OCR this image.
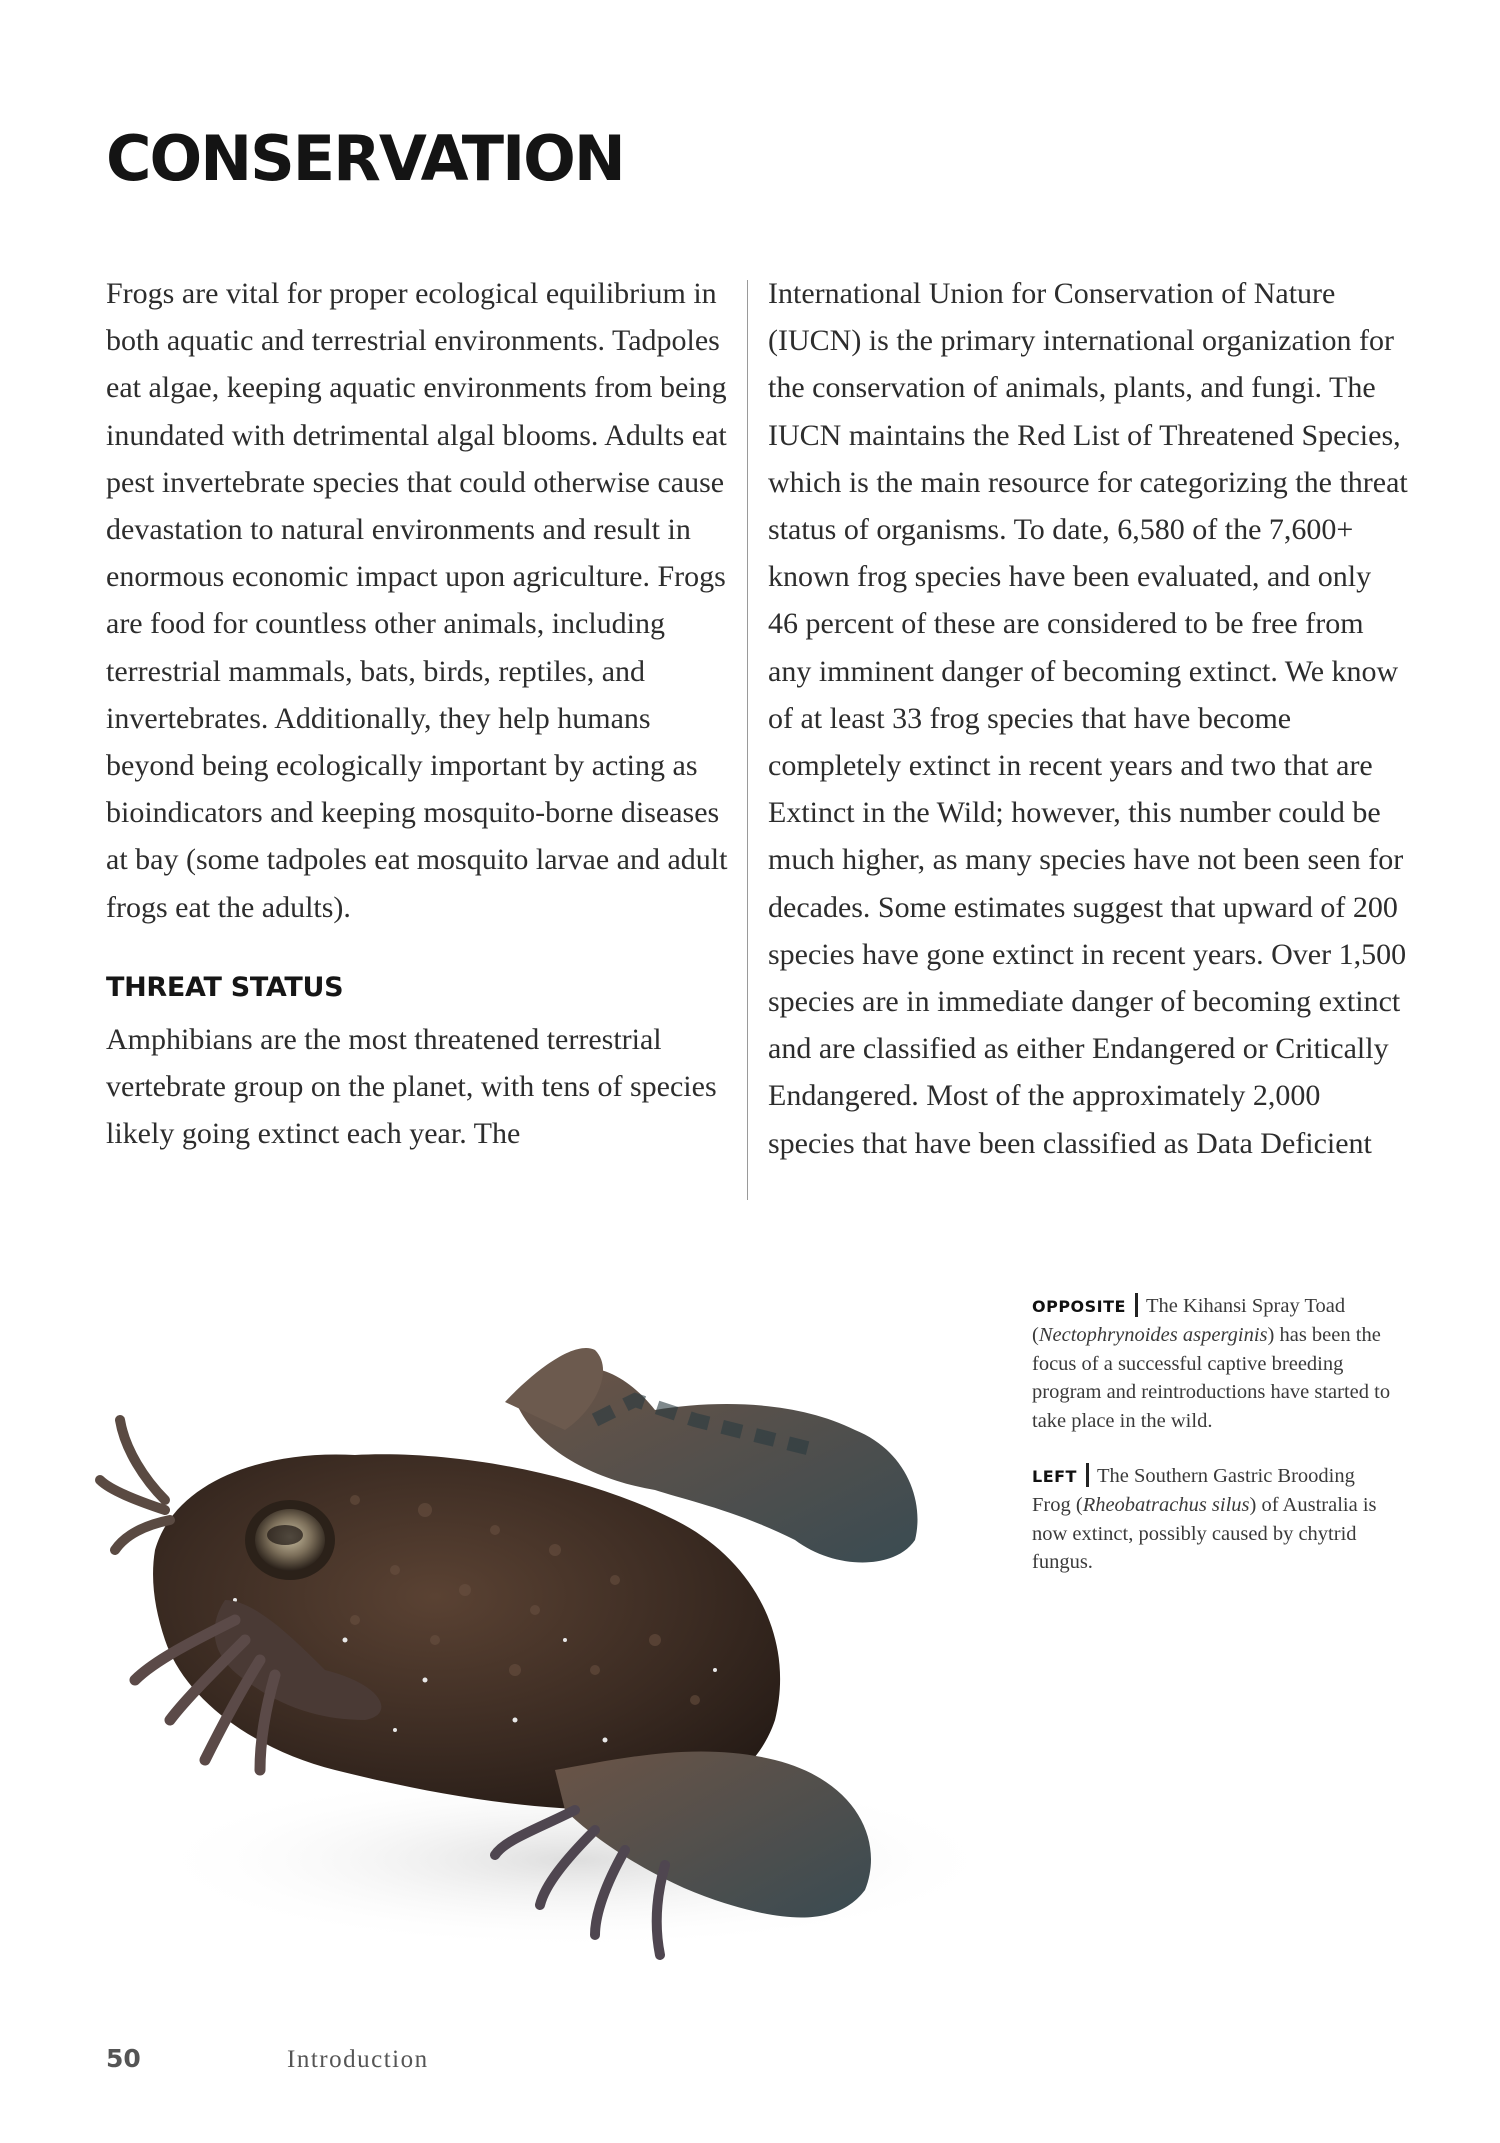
CONSERVATION

Frogs are vital for proper ecological equilibrium in both aquatic and terrestrial environments. Tadpoles eat algae, keeping aquatic environments from being inundated with detrimental algal blooms. Adults eat pest invertebrate species that could otherwise cause devastation to natural environments and result in enormous economic impact upon agriculture. Frogs are food for countless other animals, including terrestrial mammals, bats, birds, reptiles, and invertebrates. Additionally, they help humans beyond being ecologically important by acting as bioindicators and keeping mosquito-borne diseases at bay (some tadpoles eat mosquito larvae and adult frogs eat the adults).

THREAT STATUS

Amphibians are the most threatened terrestrial vertebrate group on the planet, with tens of species likely going extinct each year. The

International Union for Conservation of Nature (IUCN) is the primary international organization for the conservation of animals, plants, and fungi. The IUCN maintains the Red List of Threatened Species, which is the main resource for categorizing the threat status of organisms. To date, 6,580 of the 7,600+ known frog species have been evaluated, and only 46 percent of these are considered to be free from any imminent danger of becoming extinct. We know of at least 33 frog species that have become completely extinct in recent years and two that are Extinct in the Wild; however, this number could be much higher, as many species have not been seen for decades. Some estimates suggest that upward of 200 species have gone extinct in recent years. Over 1,500 species are in immediate danger of becoming extinct and are classified as either Endangered or Critically Endangered. Most of the approximately 2,000 species that have been classified as Data Deficient

OPPOSITE The Kihansi Spray Toad (Nectophrynoides asperginis) has been the focus of a successful captive breeding program and reintroductions have started to take place in the wild.

LEFT The Southern Gastric Brooding Frog (Rheobatrachus silus) of Australia is now extinct, possibly caused by chytrid fungus.

50	Introduction
